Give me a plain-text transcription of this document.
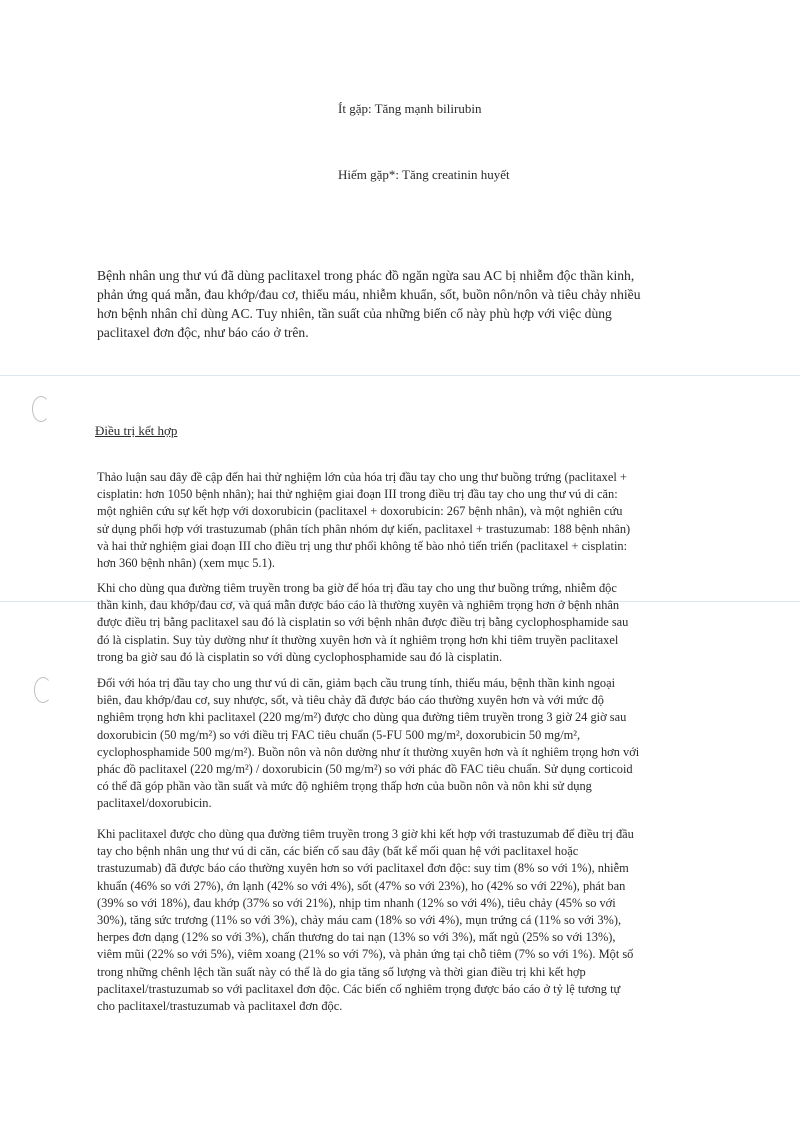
Ít gặp: Tăng mạnh bilirubin
Hiếm gặp*: Tăng creatinin huyết
Bệnh nhân ung thư vú đã dùng paclitaxel trong phác đồ ngăn ngừa sau AC bị nhiễm độc thần kinh,
phản ứng quá mẫn, đau khớp/đau cơ, thiếu máu, nhiễm khuẩn, sốt, buồn nôn/nôn và tiêu chảy nhiều
hơn bệnh nhân chỉ dùng AC. Tuy nhiên, tần suất của những biến cố này phù hợp với việc dùng
paclitaxel đơn độc, như báo cáo ở trên.
Điều trị kết hợp
Thảo luận sau đây đề cập đến hai thử nghiệm lớn của hóa trị đầu tay cho ung thư buồng trứng (paclitaxel +
cisplatin: hơn 1050 bệnh nhân); hai thử nghiệm giai đoạn III trong điều trị đầu tay cho ung thư vú di căn:
một nghiên cứu sự kết hợp với doxorubicin (paclitaxel + doxorubicin: 267 bệnh nhân), và một nghiên cứu
sử dụng phối hợp với trastuzumab (phân tích phân nhóm dự kiến, paclitaxel + trastuzumab: 188 bệnh nhân)
và hai thử nghiệm giai đoạn III cho điều trị ung thư phổi không tế bào nhỏ tiến triển (paclitaxel + cisplatin:
hơn 360 bệnh nhân) (xem mục 5.1).
Khi cho dùng qua đường tiêm truyền trong ba giờ để hóa trị đầu tay cho ung thư buồng trứng, nhiễm độc
thần kinh, đau khớp/đau cơ, và quá mẫn được báo cáo là thường xuyên và nghiêm trọng hơn ở bệnh nhân
được điều trị bằng paclitaxel sau đó là cisplatin so với bệnh nhân được điều trị bằng cyclophosphamide sau
đó là cisplatin. Suy tủy dường như ít thường xuyên hơn và ít nghiêm trọng hơn khi tiêm truyền paclitaxel
trong ba giờ sau đó là cisplatin so với dùng cyclophosphamide sau đó là cisplatin.
Đối với hóa trị đầu tay cho ung thư vú di căn, giảm bạch cầu trung tính, thiếu máu, bệnh thần kinh ngoại
biên, đau khớp/đau cơ, suy nhược, sốt, và tiêu chảy đã được báo cáo thường xuyên hơn và với mức độ
nghiêm trọng hơn khi paclitaxel (220 mg/m²) được cho dùng qua đường tiêm truyền trong 3 giờ 24 giờ sau
doxorubicin (50 mg/m²) so với điều trị FAC tiêu chuẩn (5-FU 500 mg/m², doxorubicin 50 mg/m²,
cyclophosphamide 500 mg/m²). Buồn nôn và nôn dường như ít thường xuyên hơn và ít nghiêm trọng hơn với
phác đồ paclitaxel (220 mg/m²) / doxorubicin (50 mg/m²) so với phác đồ FAC tiêu chuẩn. Sử dụng corticoid
có thể đã góp phần vào tần suất và mức độ nghiêm trọng thấp hơn của buồn nôn và nôn khi sử dụng
paclitaxel/doxorubicin.
Khi paclitaxel được cho dùng qua đường tiêm truyền trong 3 giờ khi kết hợp với trastuzumab để điều trị đầu
tay cho bệnh nhân ung thư vú di căn, các biến cố sau đây (bất kể mối quan hệ với paclitaxel hoặc
trastuzumab) đã được báo cáo thường xuyên hơn so với paclitaxel đơn độc: suy tim (8% so với 1%), nhiễm
khuẩn (46% so với 27%), ớn lạnh (42% so với 4%), sốt (47% so với 23%), ho (42% so với 22%), phát ban
(39% so với 18%), đau khớp (37% so với 21%), nhịp tim nhanh (12% so với 4%), tiêu chảy (45% so với
30%), tăng sức trương (11% so với 3%), chảy máu cam (18% so với 4%), mụn trứng cá (11% so với 3%),
herpes đơn dạng (12% so với 3%), chấn thương do tai nạn (13% so với 3%), mất ngủ (25% so với 13%),
viêm mũi (22% so với 5%), viêm xoang (21% so với 7%), và phản ứng tại chỗ tiêm (7% so với 1%). Một số
trong những chênh lệch tần suất này có thể là do gia tăng số lượng và thời gian điều trị khi kết hợp
paclitaxel/trastuzumab so với paclitaxel đơn độc. Các biến cố nghiêm trọng được báo cáo ở tỷ lệ tương tự
cho paclitaxel/trastuzumab và paclitaxel đơn độc.
